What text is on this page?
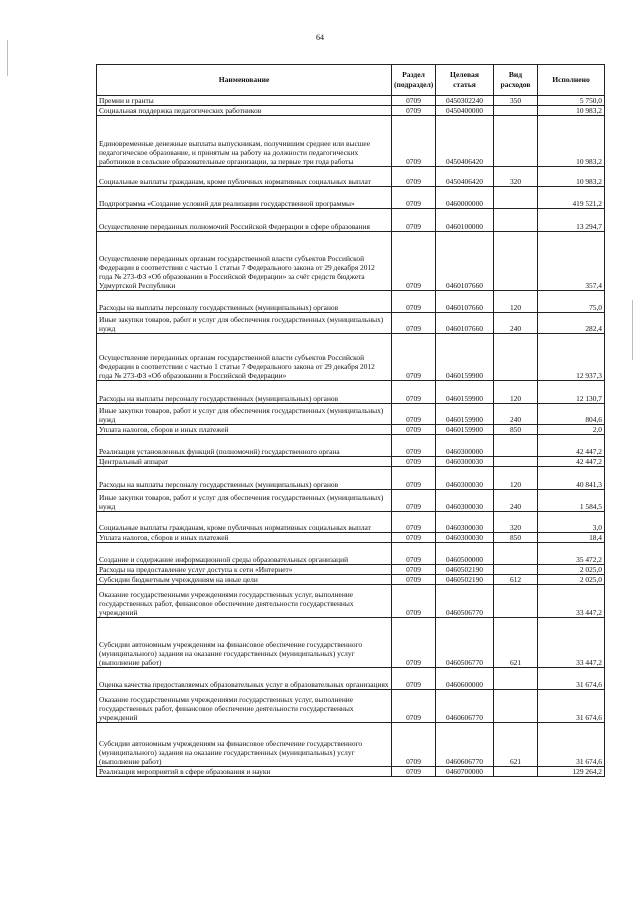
64
Наименование	Раздел (подраздел)	Целевая статья	Вид расходов	Исполнено
Премии и гранты	0709	0450302240	350	5 750,0
Социальная поддержка педагогических работников	0709	0450400000		10 983,2
Единовременные денежные выплаты выпускникам, получившим среднее или высшее педагогическое образование, и принятым на работу на должности педагогических работников в сельские образовательные организации, за первые три года работы	0709	0450406420		10 983,2
Социальные выплаты гражданам, кроме публичных нормативных социальных выплат	0709	0450406420	320	10 983,2
Подпрограмма «Создание условий для реализации государственной программы»	0709	0460000000		419 521,2
Осуществление переданных полномочий Российской Федерации в сфере образования	0709	0460100000		13 294,7
Осуществление переданных органам государственной власти субъектов Российской Федерации в соответствии с частью 1 статьи 7 Федерального закона от 29 декабря 2012 года № 273-ФЗ «Об образовании в Российской Федерации» за счёт средств бюджета Удмуртской Республики	0709	0460107660		357,4
Расходы на выплаты персоналу государственных (муниципальных) органов	0709	0460107660	120	75,0
Иные закупки товаров, работ и услуг для обеспечения государственных (муниципальных) нужд	0709	0460107660	240	282,4
Осуществление переданных органам государственной власти субъектов Российской Федерации в соответствии с частью 1 статьи 7 Федерального закона от 29 декабря 2012 года № 273-ФЗ «Об образовании в Российской Федерации»	0709	0460159900		12 937,3
Расходы на выплаты персоналу государственных (муниципальных) органов	0709	0460159900	120	12 130,7
Иные закупки товаров, работ и услуг для обеспечения государственных (муниципальных) нужд	0709	0460159900	240	804,6
Уплата налогов, сборов и иных платежей	0709	0460159900	850	2,0
Реализация установленных функций (полномочий) государственного органа	0709	0460300000		42 447,2
Центральный аппарат	0709	0460300030		42 447,2
Расходы на выплаты персоналу государственных (муниципальных) органов	0709	0460300030	120	40 841,3
Иные закупки товаров, работ и услуг для обеспечения государственных (муниципальных) нужд	0709	0460300030	240	1 584,5
Социальные выплаты гражданам, кроме публичных нормативных социальных выплат	0709	0460300030	320	3,0
Уплата налогов, сборов и иных платежей	0709	0460300030	850	18,4
Создание и содержание информационной среды образовательных организаций	0709	0460500000		35 472,2
Расходы на предоставление услуг доступа к сети «Интернет»	0709	0460502190		2 025,0
Субсидии бюджетным учреждениям на иные цели	0709	0460502190	612	2 025,0
Оказание государственными учреждениями государственных услуг, выполнение государственных работ, финансовое обеспечение деятельности государственных учреждений	0709	0460506770		33 447,2
Субсидии автономным учреждениям на финансовое обеспечение государственного (муниципального) задания на оказание государственных (муниципальных) услуг (выполнение работ)	0709	0460506770	621	33 447,2
Оценка качества предоставляемых образовательных услуг в образовательных организациях	0709	0460600000		31 674,6
Оказание государственными учреждениями государственных услуг, выполнение государственных работ, финансовое обеспечение деятельности государственных учреждений	0709	0460606770		31 674,6
Субсидии автономным учреждениям на финансовое обеспечение государственного (муниципального) задания на оказание государственных (муниципальных) услуг (выполнение работ)	0709	0460606770	621	31 674,6
Реализация мероприятий в сфере образования и науки	0709	0460700000		129 264,2
